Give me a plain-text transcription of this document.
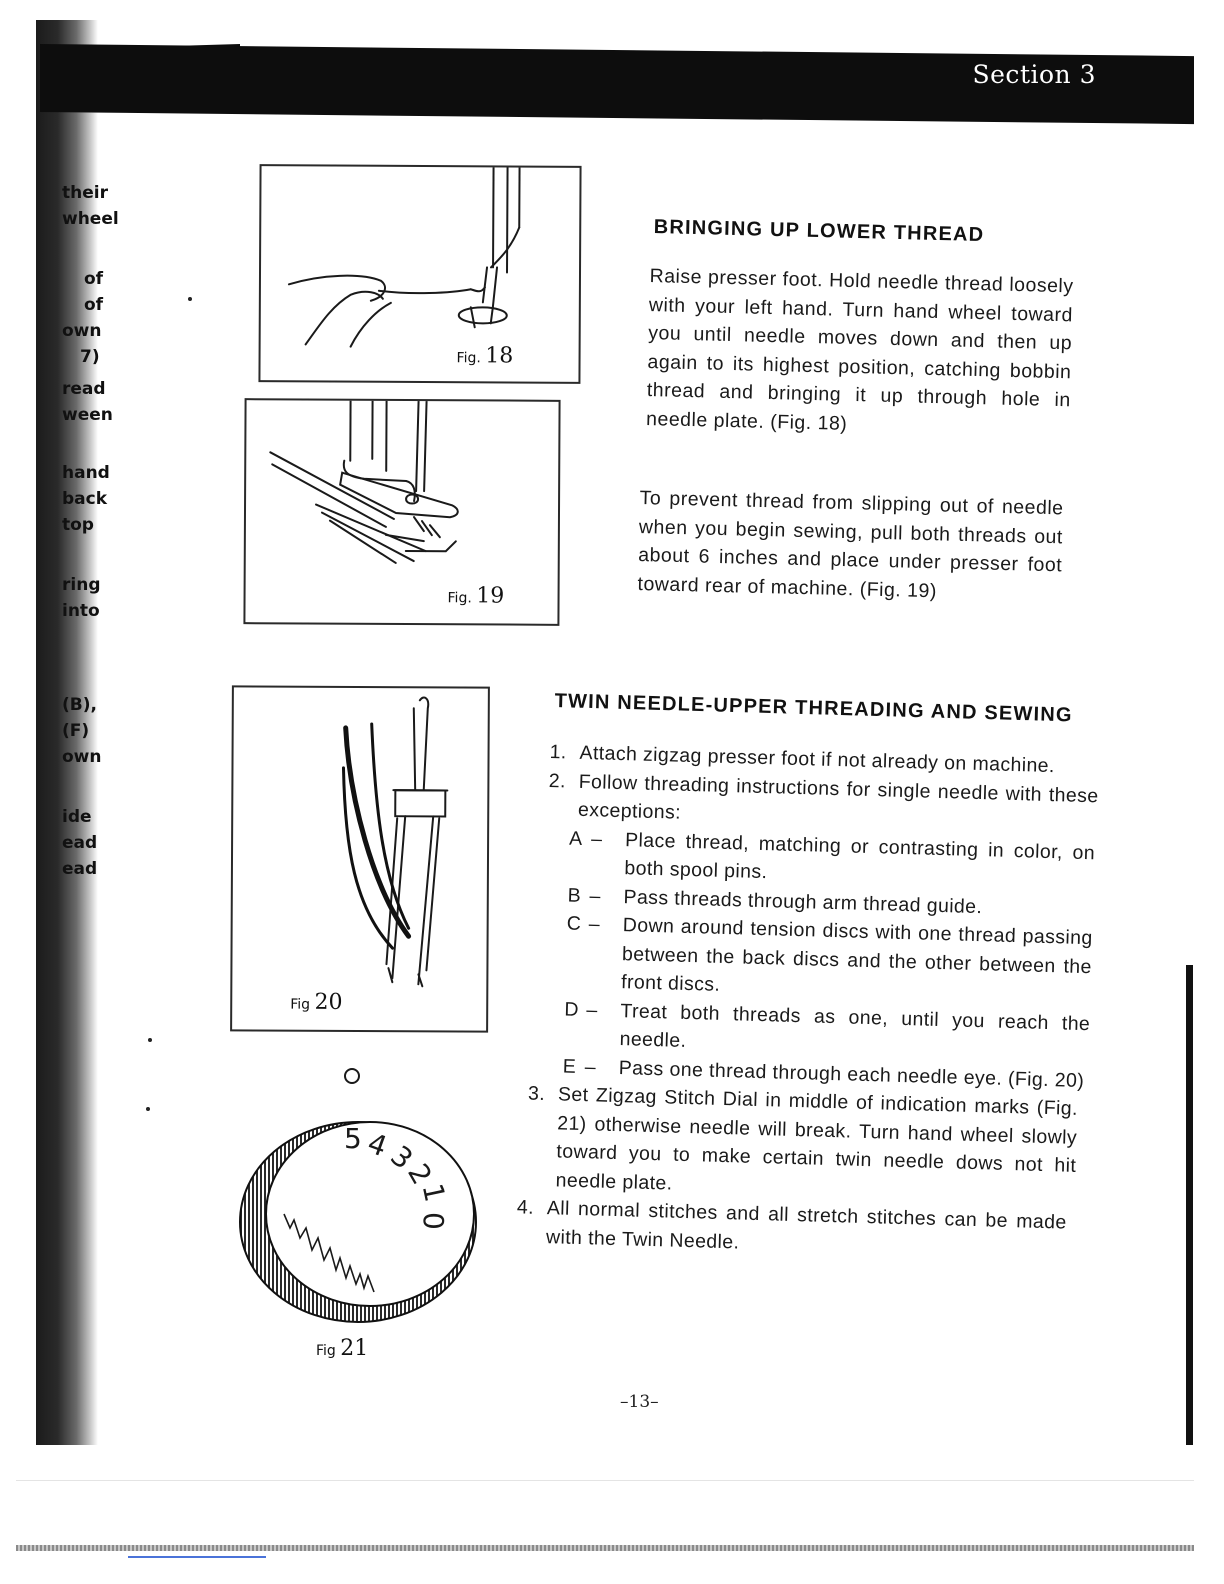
their
wheel
of
of
own
7)
read
ween
hand
back
top
ring
into
(B),
(F)
own
ide
ead
ead
Section 3
Fig. 18
Fig. 19
BRINGING UP LOWER THREAD
Raise presser foot. Hold needle thread loosely with your left hand. Turn hand wheel toward you until needle moves down and then up again to its highest position, catching bobbin thread and bringing it up through hole in needle plate. (Fig. 18)
To prevent thread from slipping out of needle when you begin sewing, pull both threads out about 6 inches and place under presser foot toward rear of machine. (Fig. 19)
Fig 20
5 4
3
2
1
0
Fig 21
TWIN NEEDLE-UPPER THREADING AND SEWING
1. Attach zigzag presser foot if not already on machine.
2. Follow threading instructions for single needle with these exceptions:
A –	Place thread, matching or contrasting in color, on both spool pins.
B –	Pass threads through arm thread guide.
C –	Down around tension discs with one thread passing between the back discs and the other between the front discs.
D –	Treat both threads as one, until you reach the needle.
E –	Pass one thread through each needle eye. (Fig. 20)
3. Set Zigzag Stitch Dial in middle of indication marks (Fig. 21) otherwise needle will break. Turn hand wheel slowly toward you to make certain twin needle dows not hit needle plate.
4. All normal stitches and all stretch stitches can be made with the Twin Needle.
–13–
